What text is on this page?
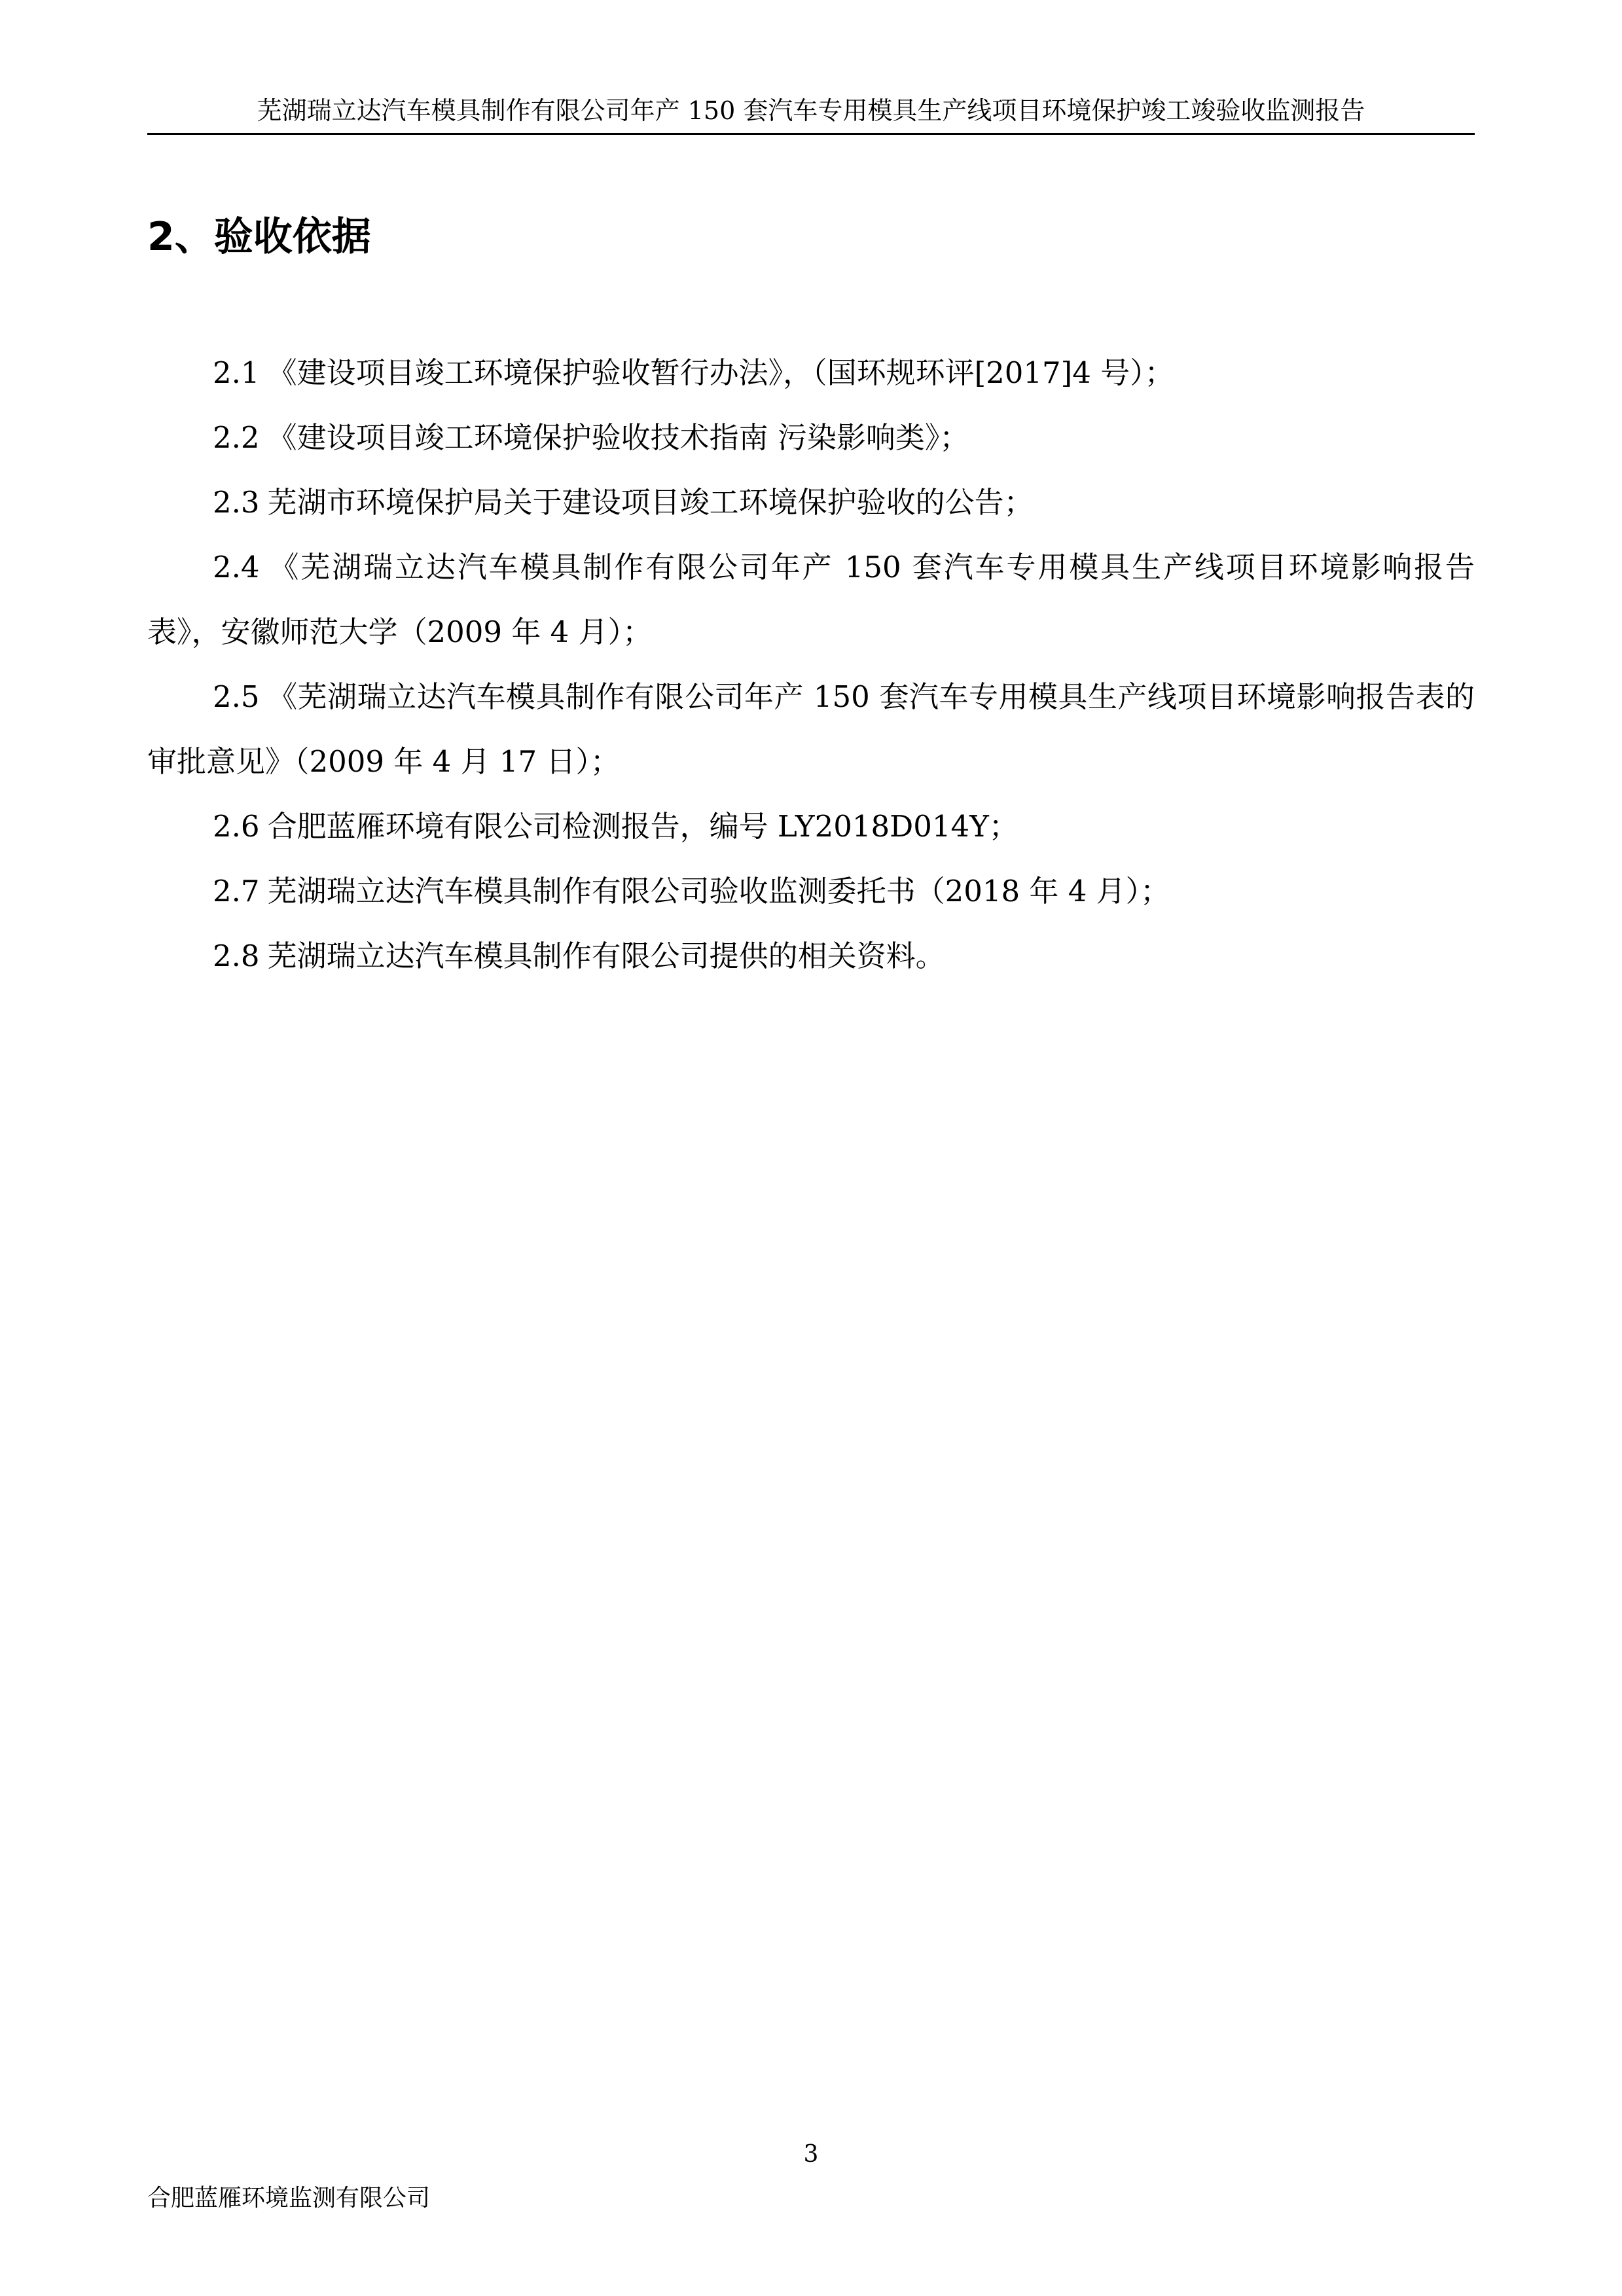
芜湖瑞立达汽车模具制作有限公司年产 150 套汽车专用模具生产线项目环境保护竣工竣验收监测报告
2、验收依据

2.1 《建设项目竣工环境保护验收暂行办法》，（国环规环评[2017]4 号）；

2.2 《建设项目竣工环境保护验收技术指南 污染影响类》；

2.3 芜湖市环境保护局关于建设项目竣工环境保护验收的公告；

2.4 《芜湖瑞立达汽车模具制作有限公司年产 150 套汽车专用模具生产线项目环境影响报告表》，安徽师范大学（2009 年 4 月）；

2.5 《芜湖瑞立达汽车模具制作有限公司年产 150 套汽车专用模具生产线项目环境影响报告表的审批意见》（2009 年 4 月 17 日）；

2.6 合肥蓝雁环境有限公司检测报告，编号 LY2018D014Y；

2.7 芜湖瑞立达汽车模具制作有限公司验收监测委托书（2018 年 4 月）；

2.8 芜湖瑞立达汽车模具制作有限公司提供的相关资料。

3
合肥蓝雁环境监测有限公司
